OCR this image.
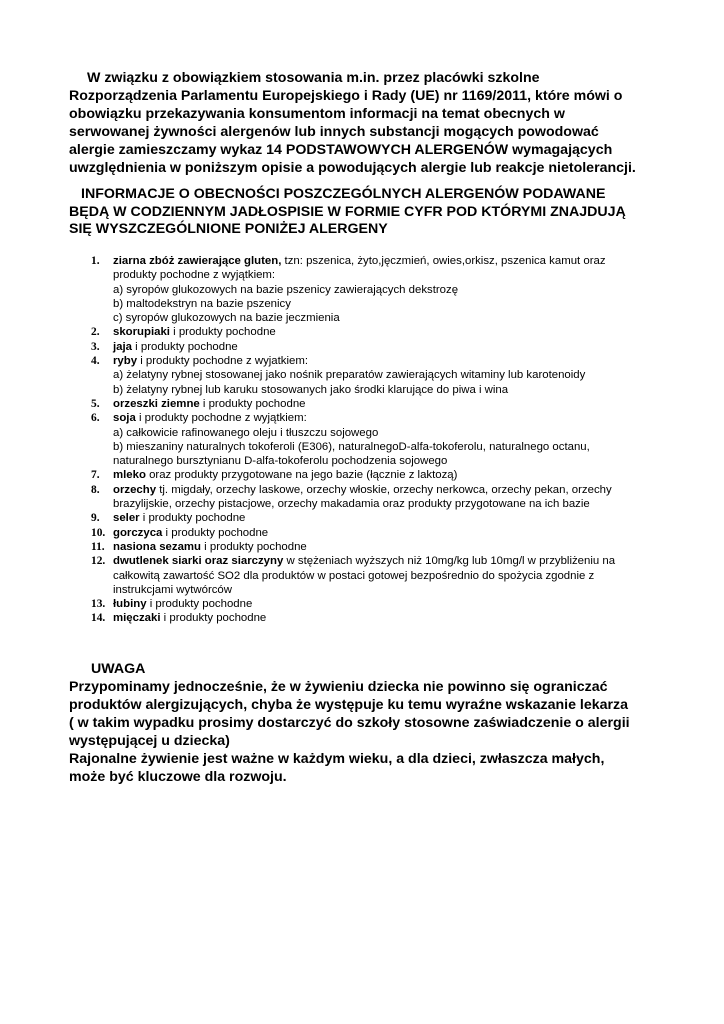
W związku z obowiązkiem stosowania m.in. przez placówki szkolne
Rozporządzenia Parlamentu Europejskiego i Rady (UE) nr 1169/2011, które mówi o
obowiązku przekazywania konsumentom informacji na temat obecnych w
serwowanej żywności alergenów lub innych substancji mogących powodować
alergie zamieszczamy wykaz 14 PODSTAWOWYCH ALERGENÓW wymagających
uwzględnienia w poniższym opisie a powodujących alergie lub reakcje nietolerancji.

INFORMACJE O OBECNOŚCI POSZCZEGÓLNYCH ALERGENÓW PODAWANE
BĘDĄ W CODZIENNYM JADŁOSPISIE W FORMIE CYFR POD KTÓRYMI ZNAJDUJĄ
SIĘ WYSZCZEGÓLNIONE PONIŻEJ ALERGENY

1. ziarna zbóż zawierające gluten, tzn: pszenica, żyto,jęczmień, owies,orkisz, pszenica kamut oraz
produkty pochodne z wyjątkiem:
a) syropów glukozowych na bazie pszenicy zawierających dekstrozę
b) maltodekstryn na bazie pszenicy
c) syropów glukozowych na bazie jeczmienia
2. skorupiaki i produkty pochodne
3. jaja i produkty pochodne
4. ryby i produkty pochodne z wyjatkiem:
a) żelatyny rybnej stosowanej jako nośnik preparatów zawierających witaminy lub karotenoidy
b) żelatyny rybnej lub karuku stosowanych jako środki klarujące do piwa i wina
5. orzeszki ziemne i produkty pochodne
6. soja i produkty pochodne z wyjątkiem:
a) całkowicie rafinowanego oleju i tłuszczu sojowego
b) mieszaniny naturalnych tokoferoli (E306), naturalnegoD-alfa-tokoferolu, naturalnego octanu,
naturalnego bursztynianu D-alfa-tokoferolu pochodzenia sojowego
7. mleko oraz produkty przygotowane na jego bazie (łącznie z laktozą)
8. orzechy tj. migdały, orzechy laskowe, orzechy włoskie, orzechy nerkowca, orzechy pekan, orzechy
brazylijskie, orzechy pistacjowe, orzechy makadamia oraz produkty przygotowane na ich bazie
9. seler i produkty pochodne
10. gorczyca i produkty pochodne
11. nasiona sezamu i produkty pochodne
12. dwutlenek siarki oraz siarczyny w stężeniach wyższych niż 10mg/kg lub 10mg/l w przybliżeniu na
całkowitą zawartość SO2 dla produktów w postaci gotowej bezpośrednio do spożycia zgodnie z
instrukcjami wytwórców
13. łubiny i produkty pochodne
14. mięczaki i produkty pochodne

UWAGA

Przypominamy jednocześnie, że w żywieniu dziecka nie powinno się ograniczać
produktów alergizujących, chyba że występuje ku temu wyraźne wskazanie lekarza
( w takim wypadku prosimy dostarczyć do szkoły stosowne zaświadczenie o alergii
występującej u dziecka)
Rajonalne żywienie jest ważne w każdym wieku, a dla dzieci, zwłaszcza małych,
może być kluczowe dla rozwoju.
